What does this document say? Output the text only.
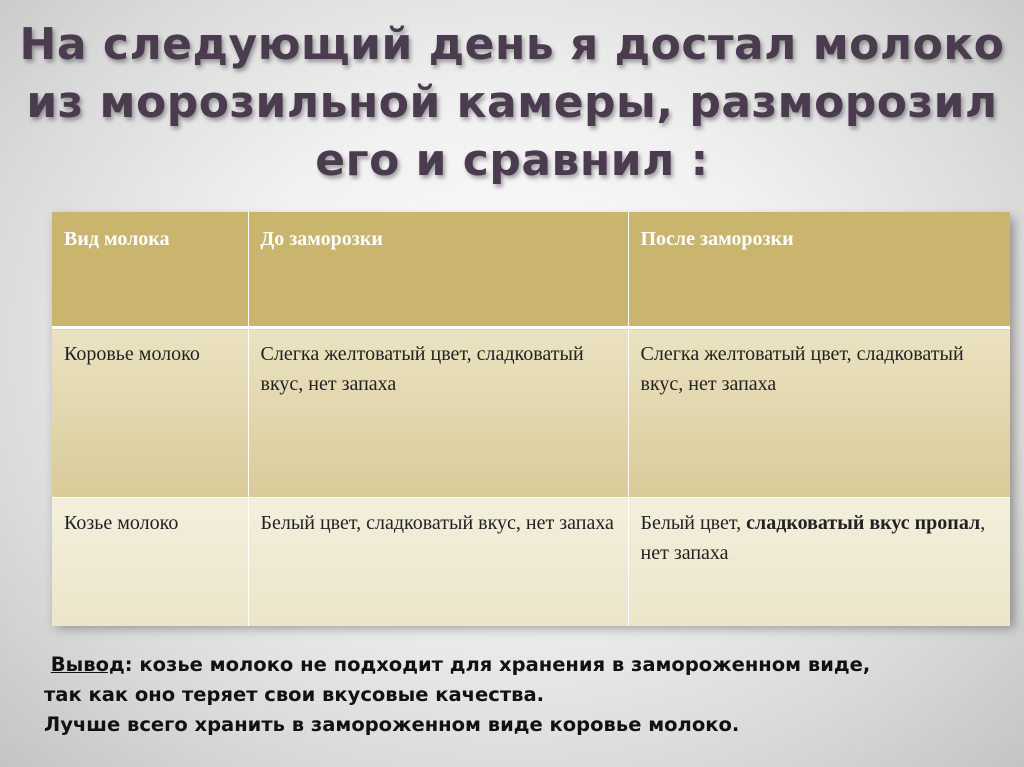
На следующий день я достал молоко
из морозильной камеры, разморозил
его и сравнил :
Вид молока	До заморозки	После заморозки
Коровье молоко	Слегка желтоватый цвет, сладковатый вкус, нет запаха	Слегка желтоватый цвет, сладковатый вкус, нет запаха
Козье молоко	Белый цвет, сладковатый вкус, нет запаха	Белый цвет, сладковатый вкус пропал, нет запаха
Вывод: козье молоко не подходит для хранения в замороженном виде,
так как оно теряет свои вкусовые качества.
Лучше всего хранить в замороженном виде коровье молоко.
